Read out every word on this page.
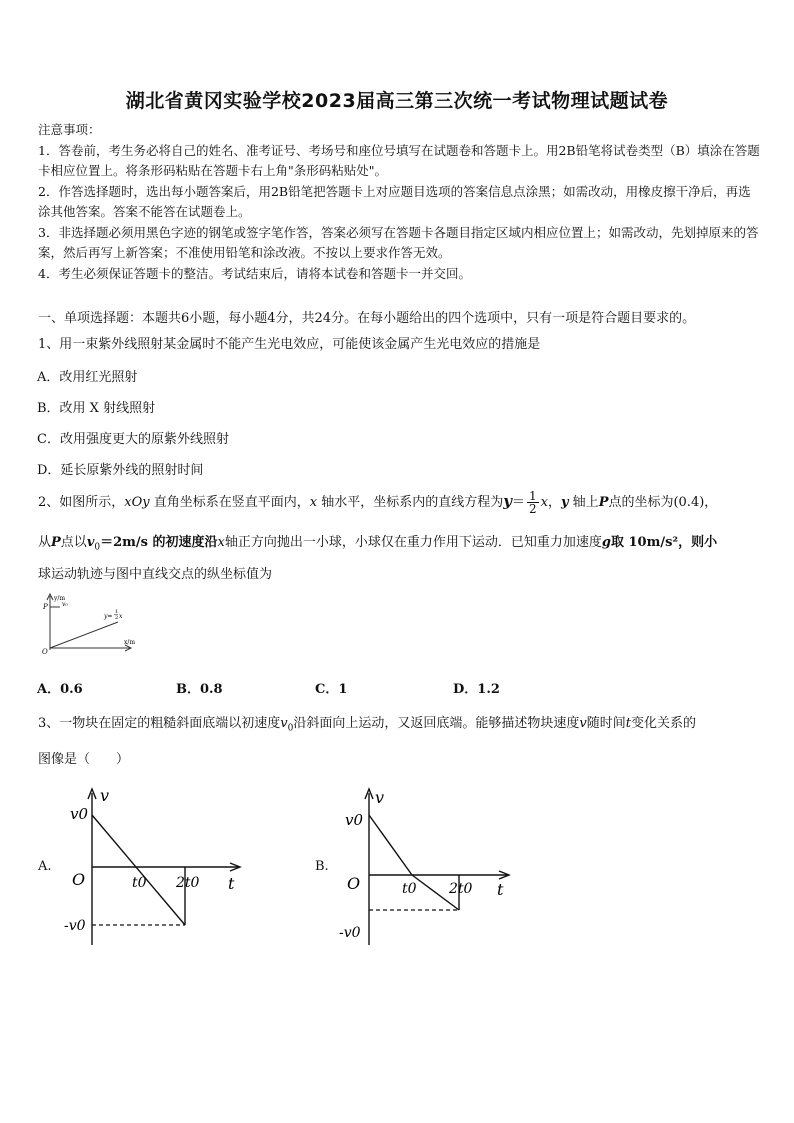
湖北省黄冈实验学校2023届高三第三次统一考试物理试题试卷

注意事项：

1．答卷前，考生务必将自己的姓名、准考证号、考场号和座位号填写在试题卷和答题卡上。用2B铅笔将试卷类型（B）填涂在答题卡相应位置上。将条形码粘贴在答题卡右上角"条形码粘贴处"。

2．作答选择题时，选出每小题答案后，用2B铅笔把答题卡上对应题目选项的答案信息点涂黑；如需改动，用橡皮擦干净后，再选涂其他答案。答案不能答在试题卷上。

3．非选择题必须用黑色字迹的钢笔或签字笔作答，答案必须写在答题卡各题目指定区域内相应位置上；如需改动，先划掉原来的答案，然后再写上新答案；不准使用铅笔和涂改液。不按以上要求作答无效。

4．考生必须保证答题卡的整洁。考试结束后，请将本试卷和答题卡一并交回。

一、单项选择题：本题共6小题，每小题4分，共24分。在每小题给出的四个选项中，只有一项是符合题目要求的。
1、用一束紫外线照射某金属时不能产生光电效应，可能使该金属产生光电效应的措施是
A．改用红光照射
B．改用 X 射线照射
C．改用强度更大的原紫外线照射
D．延长原紫外线的照射时间
2、如图所示，xOy 直角坐标系在竖直平面内，x 轴水平，坐标系内的直线方程为$y= \frac{1}{2}$ x，y 轴上P点的坐标为(0.4)，
从P点以$v_0=2m/s$ 的初速度沿x轴正方向抛出一小球，小球仅在重力作用下运动．已知重力加速度g取 10m/s²，则小
球运动轨迹与图中直线交点的纵坐标值为
y/m
x/m
O
P v₀
y=
1
2 x
A．0.6	B．0.8	C．1	D．1.2
3、一物块在固定的粗糙斜面底端以初速度$v_0$沿斜面向上运动，又返回底端。能够描述物块速度v随时间t变化关系的
图像是（　　）
A.
v
v0
O	t0 2t0 t
-v0
B.
v
v0
O	t0 2t0 t
-v0
